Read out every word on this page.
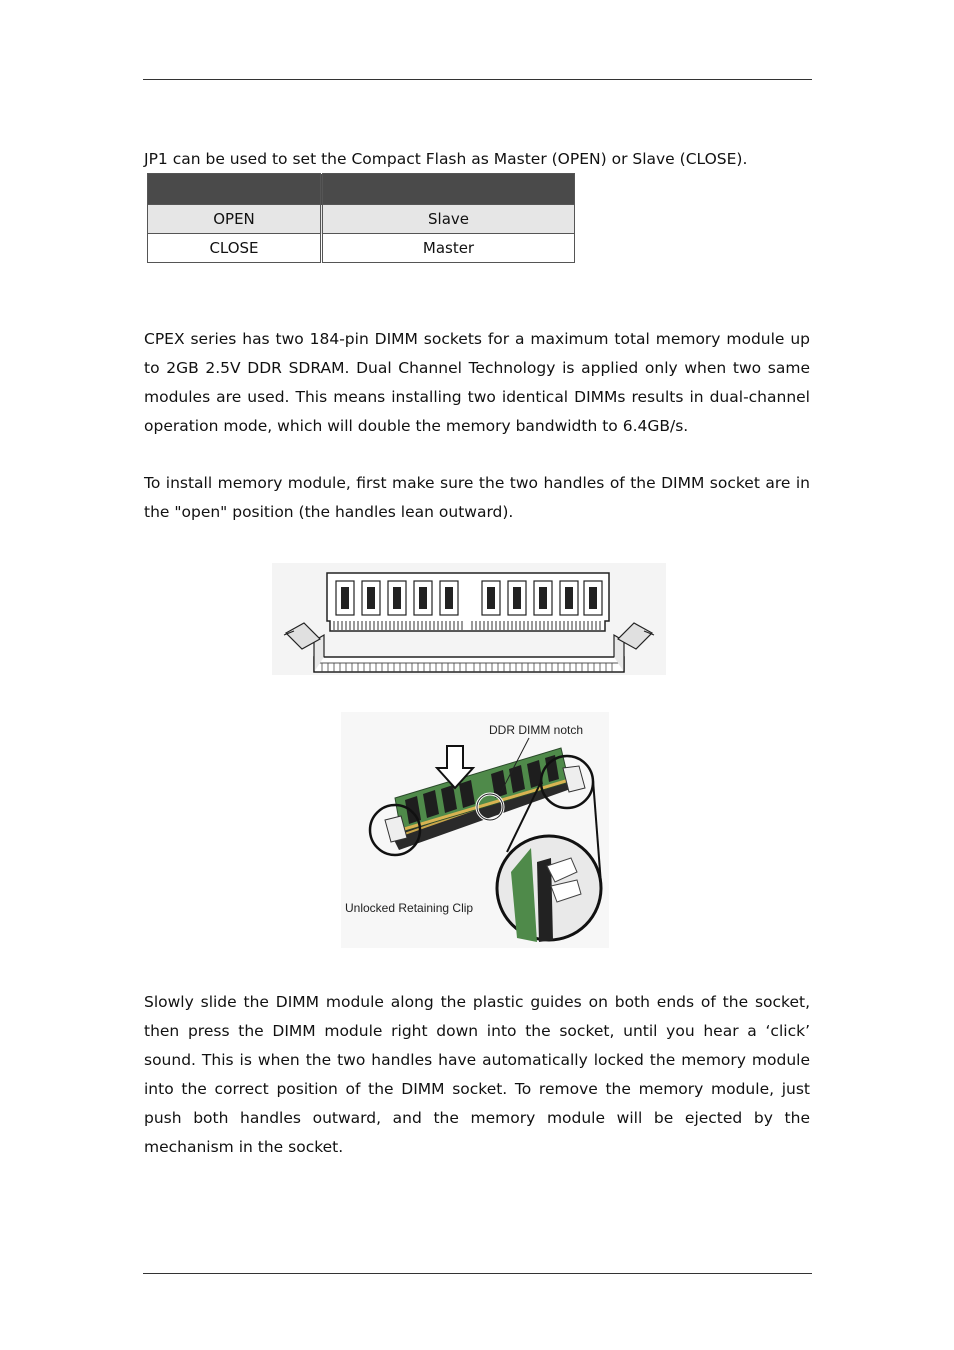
JP1 can be used to set the Compact Flash as Master (OPEN) or Slave (CLOSE).

OPEN	Slave
CLOSE	Master

CPEX series has two 184-pin DIMM sockets for a maximum total memory module up to 2GB 2.5V DDR SDRAM. Dual Channel Technology is applied only when two same modules are used. This means installing two identical DIMMs results in dual-channel operation mode, which will double the memory bandwidth to 6.4GB/s.

To install memory module, first make sure the two handles of the DIMM socket are in the "open" position (the handles lean outward).

DDR DIMM notch
Unlocked Retaining Clip

Slowly slide the DIMM module along the plastic guides on both ends of the socket, then press the DIMM module right down into the socket, until you hear a ‘click’ sound. This is when the two handles have automatically locked the memory module into the correct position of the DIMM socket. To remove the memory module, just push both handles outward, and the memory module will be ejected by the mechanism in the socket.
